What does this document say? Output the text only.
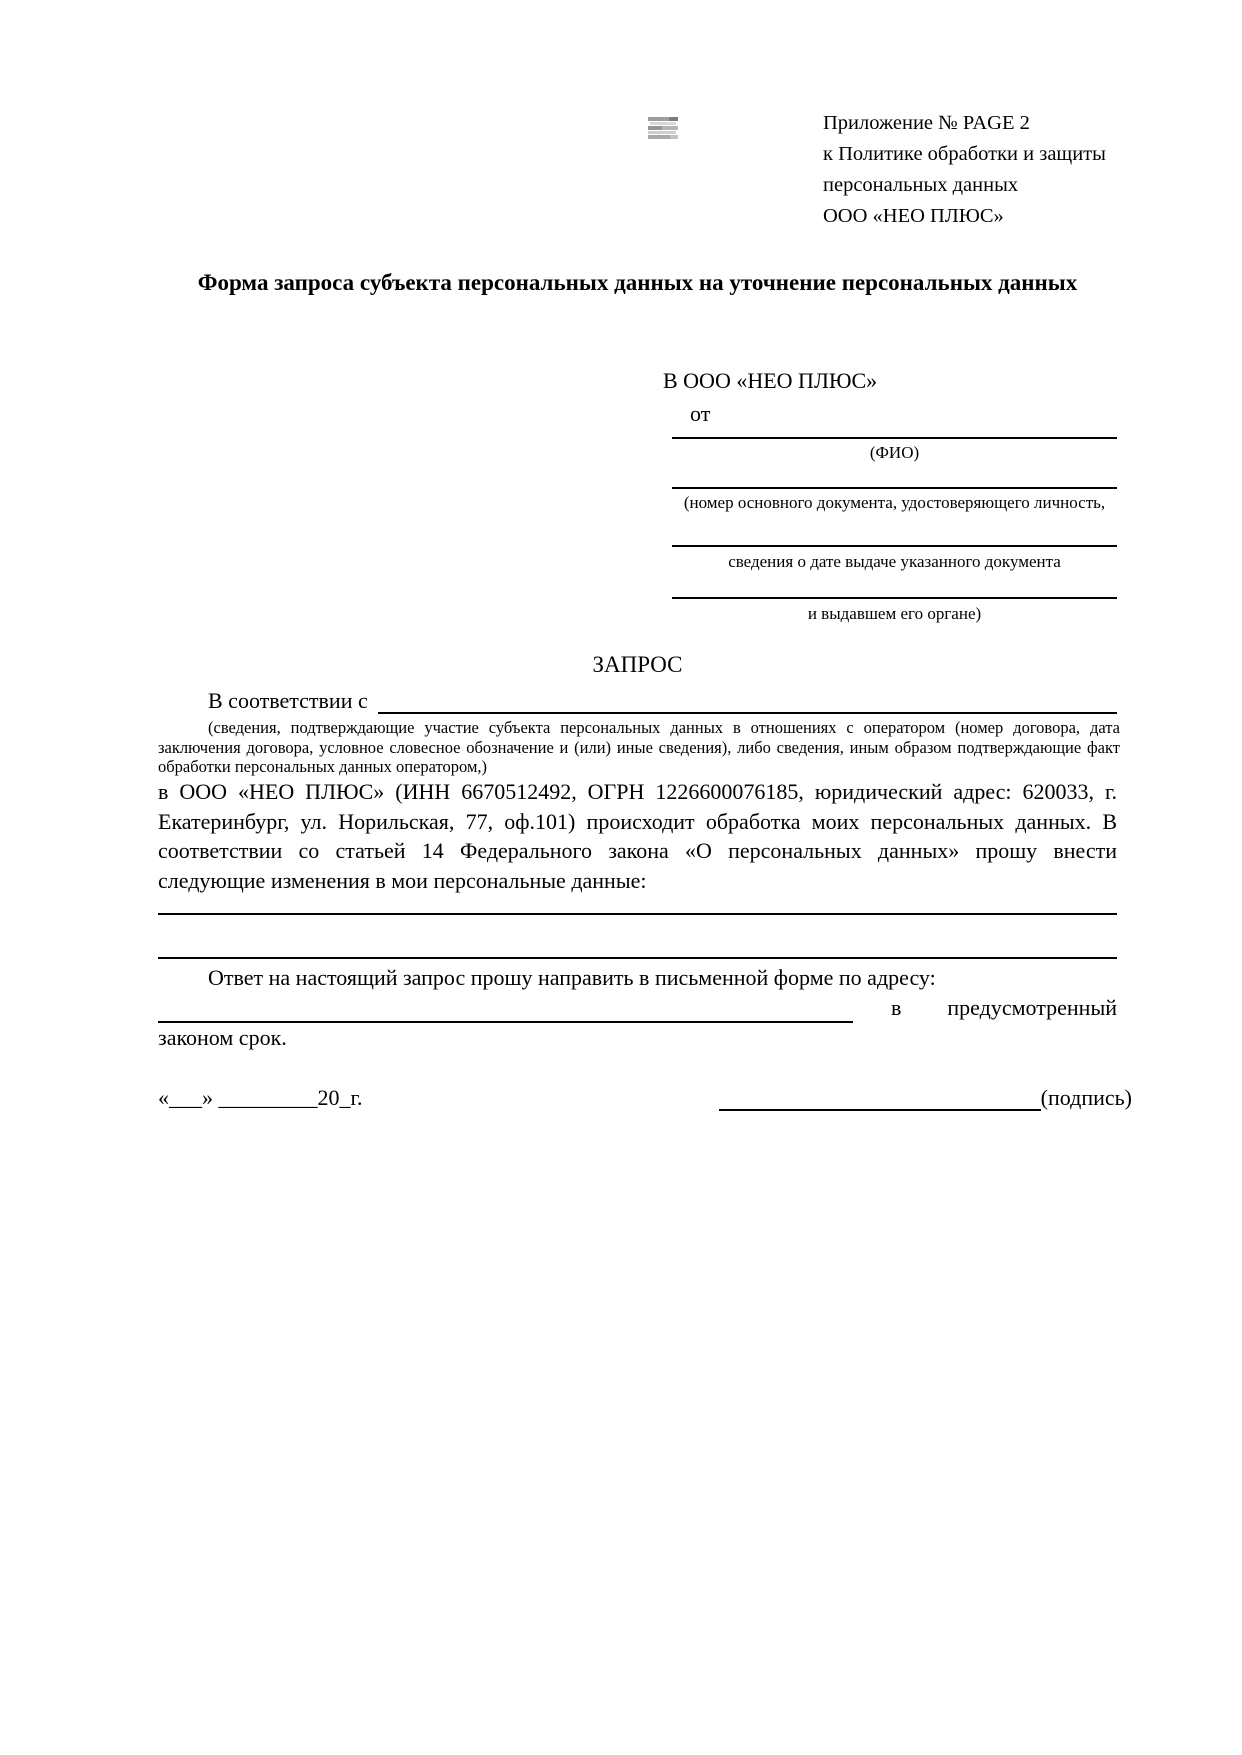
Приложение № PAGE 2
к Политике обработки и защиты
персональных данных
ООО «НЕО ПЛЮС»
Форма запроса субъекта персональных данных на уточнение персональных данных
В ООО «НЕО ПЛЮС»
от
(ФИО)
(номер основного документа, удостоверяющего личность,
сведения о дате выдаче указанного документа
и выдавшем его органе)
ЗАПРОС
В соответствии с
(сведения, подтверждающие участие субъекта персональных данных в отношениях с оператором (номер договора, дата заключения договора, условное словесное обозначение и (или) иные сведения), либо сведения, иным образом подтверждающие факт обработки персональных данных оператором,)
в ООО «НЕО ПЛЮС» (ИНН 6670512492, ОГРН 1226600076185, юридический адрес: 620033, г. Екатеринбург, ул. Норильская, 77, оф.101) происходит обработка моих персональных данных. В соответствии со статьей 14 Федерального закона «О персональных данных» прошу внести следующие изменения в мои персональные данные:
Ответ на настоящий запрос прошу направить в письменной форме по адресу:
в предусмотренный
законом срок.
«___» _________20_г.	(подпись)
